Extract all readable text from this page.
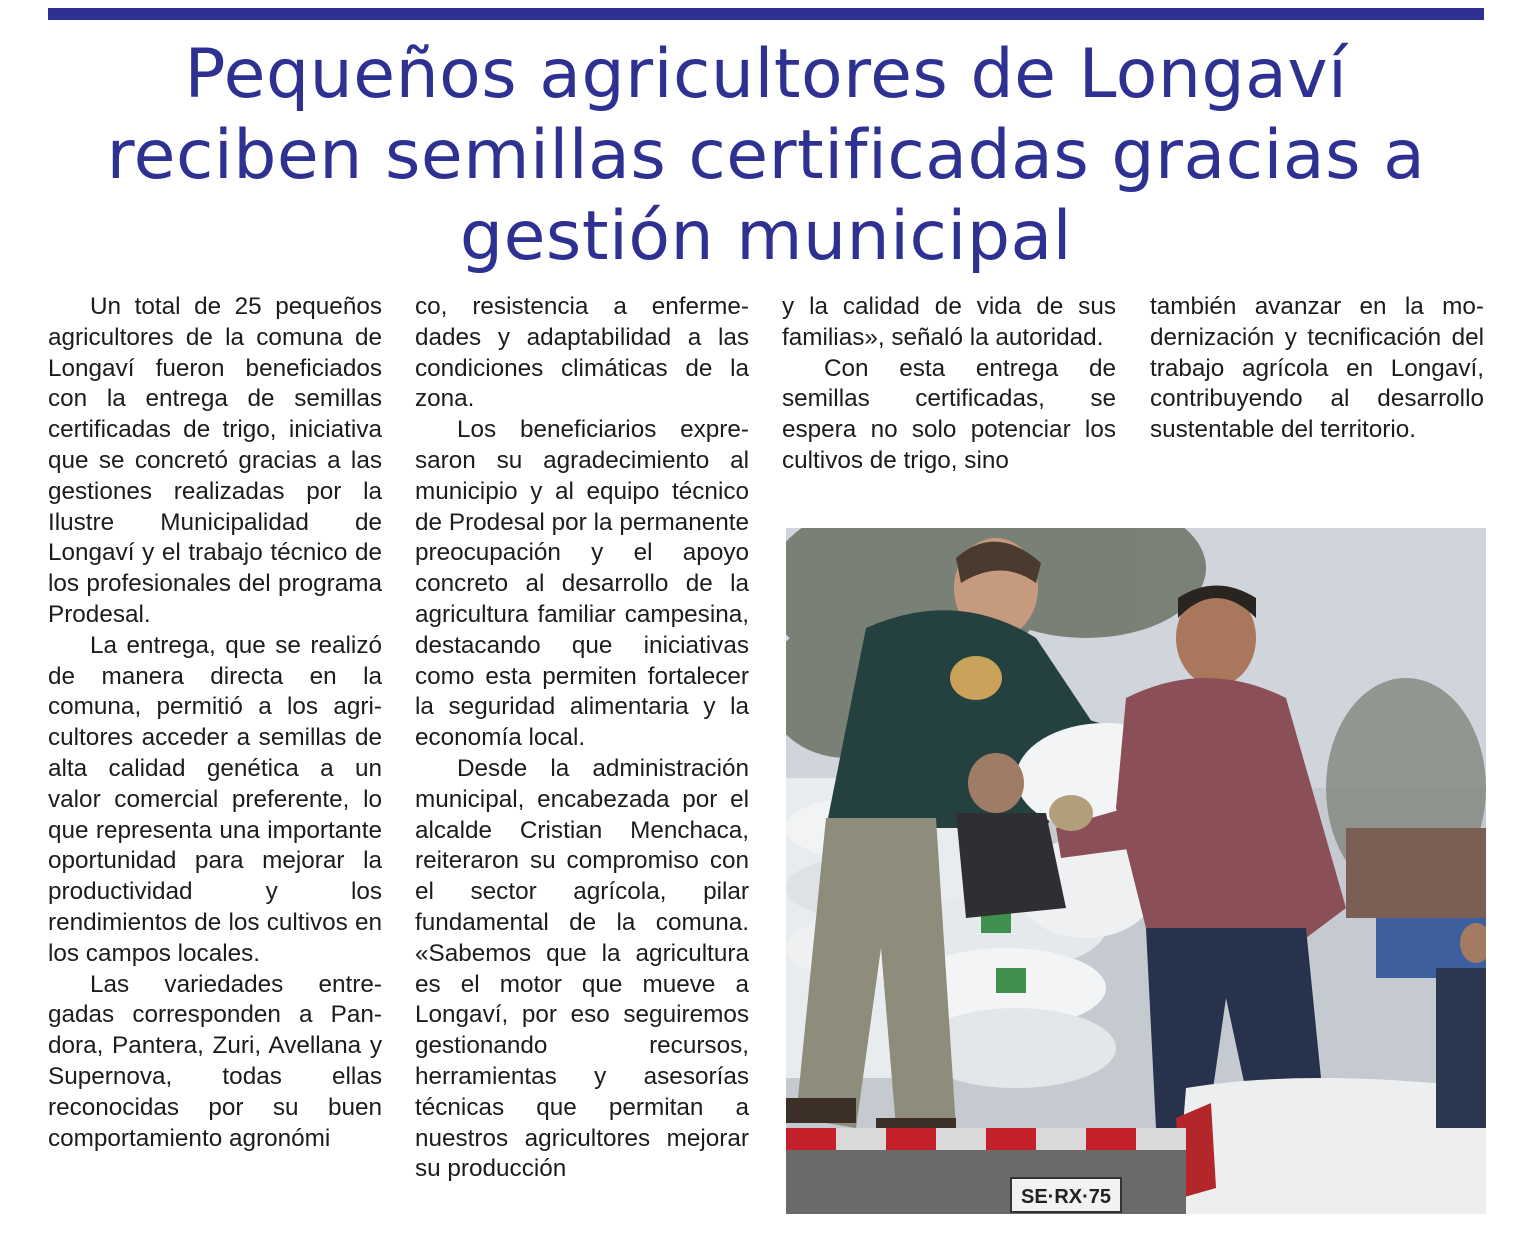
Pequeños agricultores de Longaví reciben semillas certificadas gracias a gestión municipal

Un total de 25 pequeños agricultores de la comuna de Longaví fueron beneficiados con la entrega de semillas certificadas de trigo, iniciativa que se concretó gracias a las gestiones realizadas por la Ilustre Municipalidad de Longaví y el trabajo técnico de los profesionales del programa Prodesal.

La entrega, que se realizó de manera directa en la comuna, permitió a los agricultores acceder a semillas de alta calidad genética a un valor comercial preferente, lo que representa una importante oportunidad para mejorar la productividad y los rendimientos de los cultivos en los campos locales.

Las variedades entregadas corresponden a Pandora, Pantera, Zuri, Avellana y Supernova, todas ellas reconocidas por su buen comportamiento agronómi

co, resistencia a enfermedades y adaptabilidad a las condiciones climáticas de la zona.

Los beneficiarios expresaron su agradecimiento al municipio y al equipo técnico de Prodesal por la permanente preocupación y el apoyo concreto al desarrollo de la agricultura familiar campesina, destacando que iniciativas como esta permiten fortalecer la seguridad alimentaria y la economía local.

Desde la administración municipal, encabezada por el alcalde Cristian Menchaca, reiteraron su compromiso con el sector agrícola, pilar fundamental de la comuna. «Sabemos que la agricultura es el motor que mueve a Longaví, por eso seguiremos gestionando recursos, herramientas y asesorías técnicas que permitan a nuestros agricultores mejorar su producción

y la calidad de vida de sus familias», señaló la autoridad.

Con esta entrega de semillas certificadas, se espera no solo potenciar los cultivos de trigo, sino

también avanzar en la modernización y tecnificación del trabajo agrícola en Longaví, contribuyendo al desarrollo sustentable del territorio.

SE·RX·75
